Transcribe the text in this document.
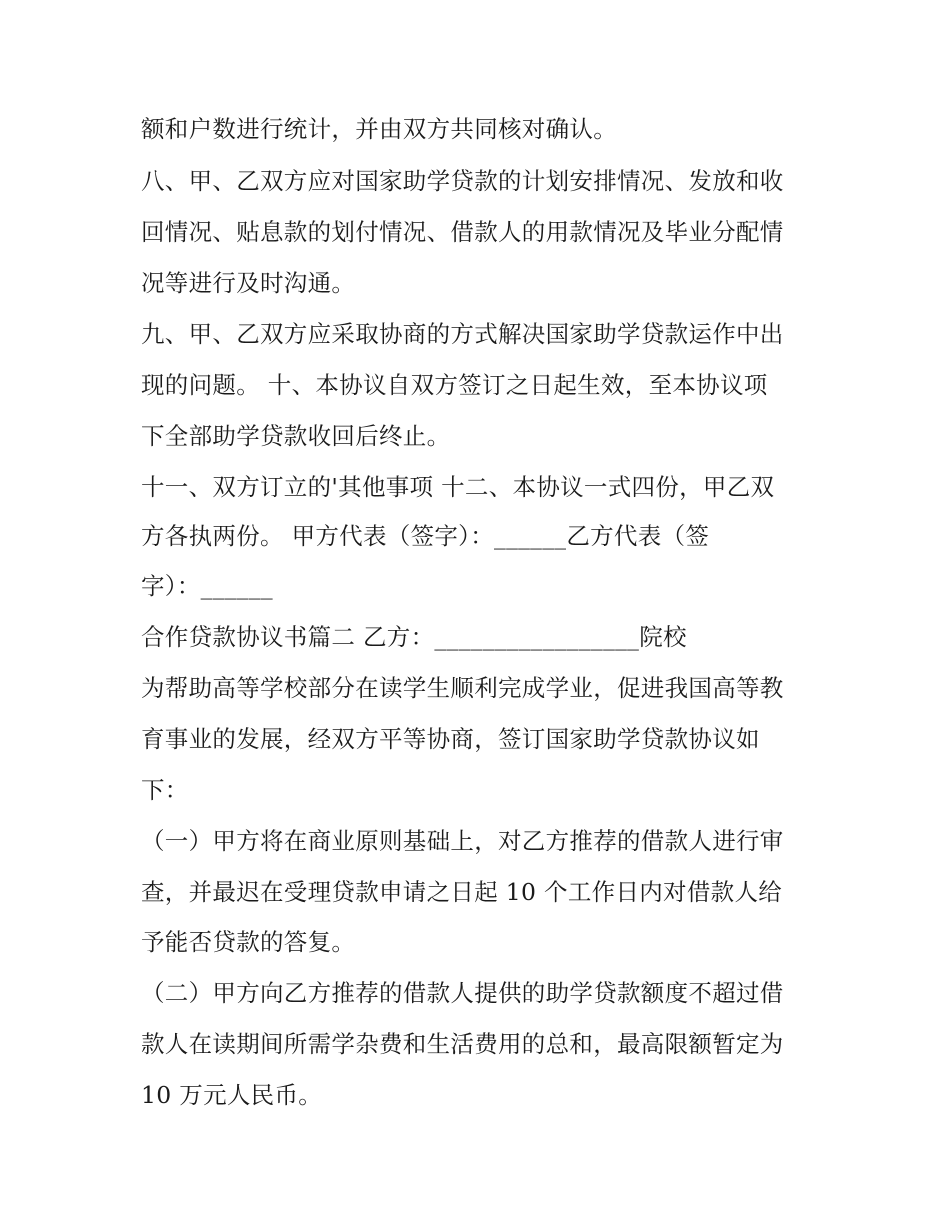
额和户数进行统计，并由双方共同核对确认。
八、甲、乙双方应对国家助学贷款的计划安排情况、发放和收
回情况、贴息款的划付情况、借款人的用款情况及毕业分配情
况等进行及时沟通。
九、甲、乙双方应采取协商的方式解决国家助学贷款运作中出
现的问题。 十、本协议自双方签订之日起生效，至本协议项
下全部助学贷款收回后终止。
十一、双方订立的'其他事项 十二、本协议一式四份，甲乙双
方各执两份。 甲方代表（签字）：______乙方代表（签
字）：______
合作贷款协议书篇二 乙方：_________________院校
为帮助高等学校部分在读学生顺利完成学业，促进我国高等教
育事业的发展，经双方平等协商，签订国家助学贷款协议如
下：
（一）甲方将在商业原则基础上，对乙方推荐的借款人进行审
查，并最迟在受理贷款申请之日起 10 个工作日内对借款人给
予能否贷款的答复。
（二）甲方向乙方推荐的借款人提供的助学贷款额度不超过借
款人在读期间所需学杂费和生活费用的总和，最高限额暂定为
10 万元人民币。
